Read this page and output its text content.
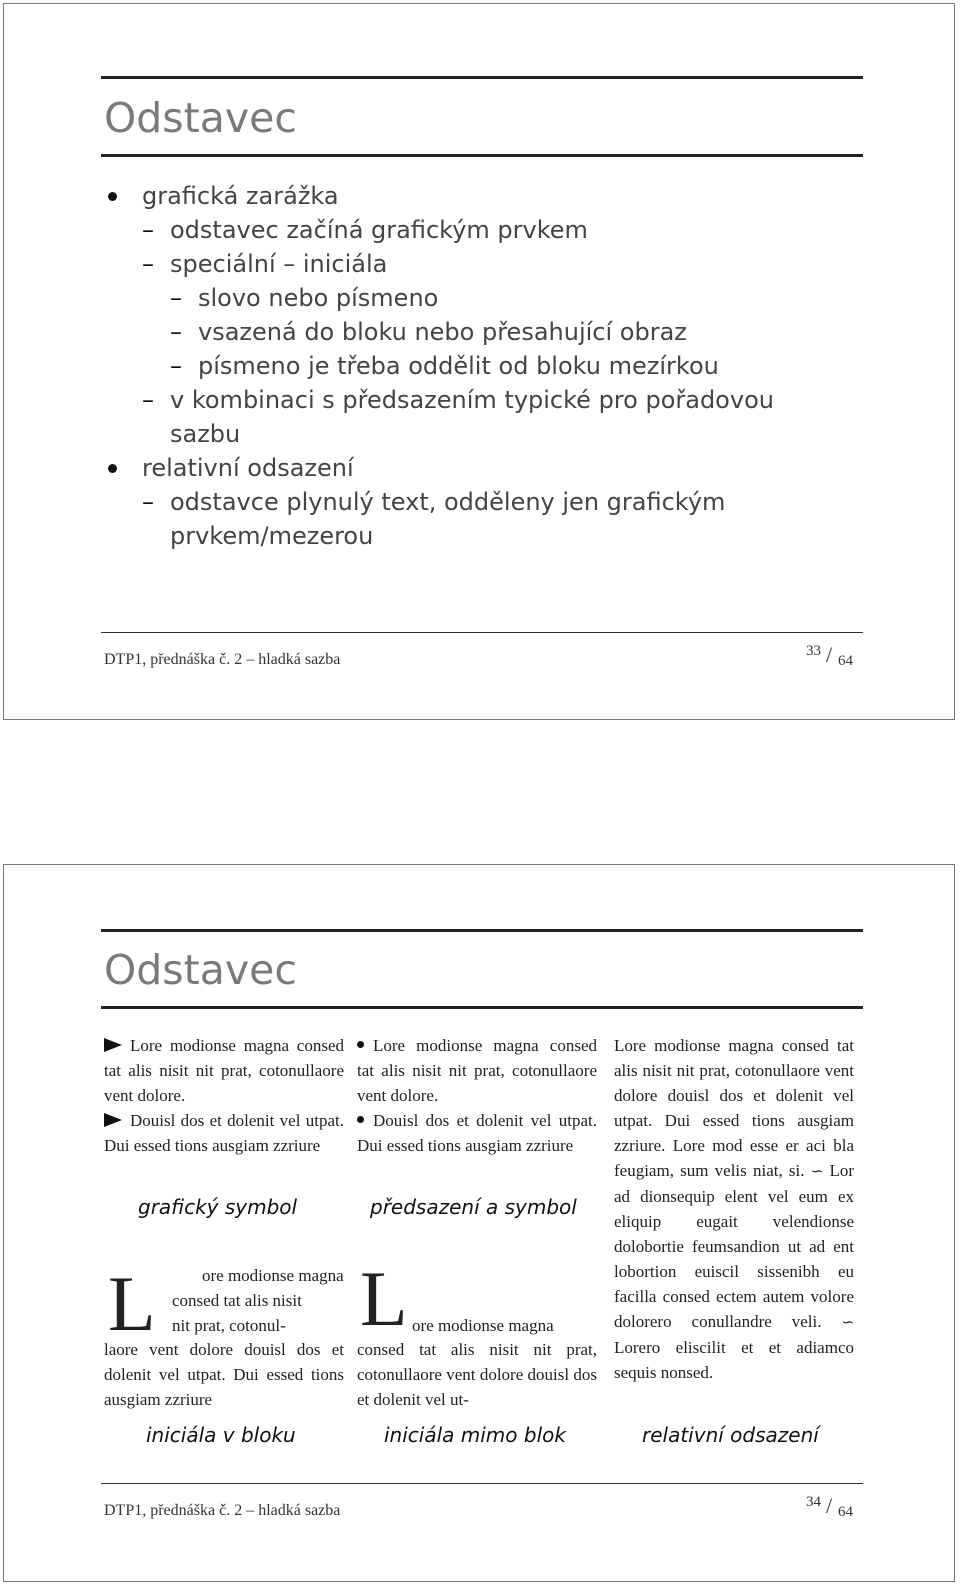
Odstavec
grafická zarážka
– odstavec začíná grafickým prvkem
– speciální – iniciála
– slovo nebo písmeno
– vsazená do bloku nebo přesahující obraz
– písmeno je třeba oddělit od bloku mezírkou
– v kombinaci s předsazením typické pro pořadovou
sazbu
relativní odsazení
– odstavce plynulý text, odděleny jen grafickým
prvkem/mezerou
DTP1, přednáška č. 2 – hladká sazba	33 / 64
Odstavec

Lore modionse magna consed tat alis nisit nit prat, cotonullaore vent dolore.

Douisl dos et dolenit vel utpat. Dui essed tions ausgiam zzriure

grafický symbol
L	ore modionse magna
consed tat alis nisit
nit prat, cotonul-

laore vent dolore douisl dos et dolenit vel utpat. Dui essed tions ausgiam zzriure

iniciála v bloku

Lore modionse magna consed tat alis nisit nit prat, cotonullaore vent dolore.

Douisl dos et dolenit vel utpat. Dui essed tions ausgiam zzriure

předsazení a symbol
L ore modionse magna

consed tat alis nisit nit prat, cotonullaore vent dolore douisl dos et dolenit vel ut-

iniciála mimo blok

Lore modionse magna consed tat alis nisit nit prat, cotonullaore vent dolore douisl dos et dolenit vel utpat. Dui essed tions ausgiam zzriure. Lore mod esse er aci bla feugiam, sum velis niat, si. ∽ Lor ad dionsequip elent vel eum ex eliquip eugait velendionse dolobortie feumsandion ut ad ent lobortion euiscil sissenibh eu facilla consed ectem autem volore dolorero conullandre veli. ∽ Lorero eliscilit et et adiamco sequis nonsed.

relativní odsazení
DTP1, přednáška č. 2 – hladká sazba	34 / 64
